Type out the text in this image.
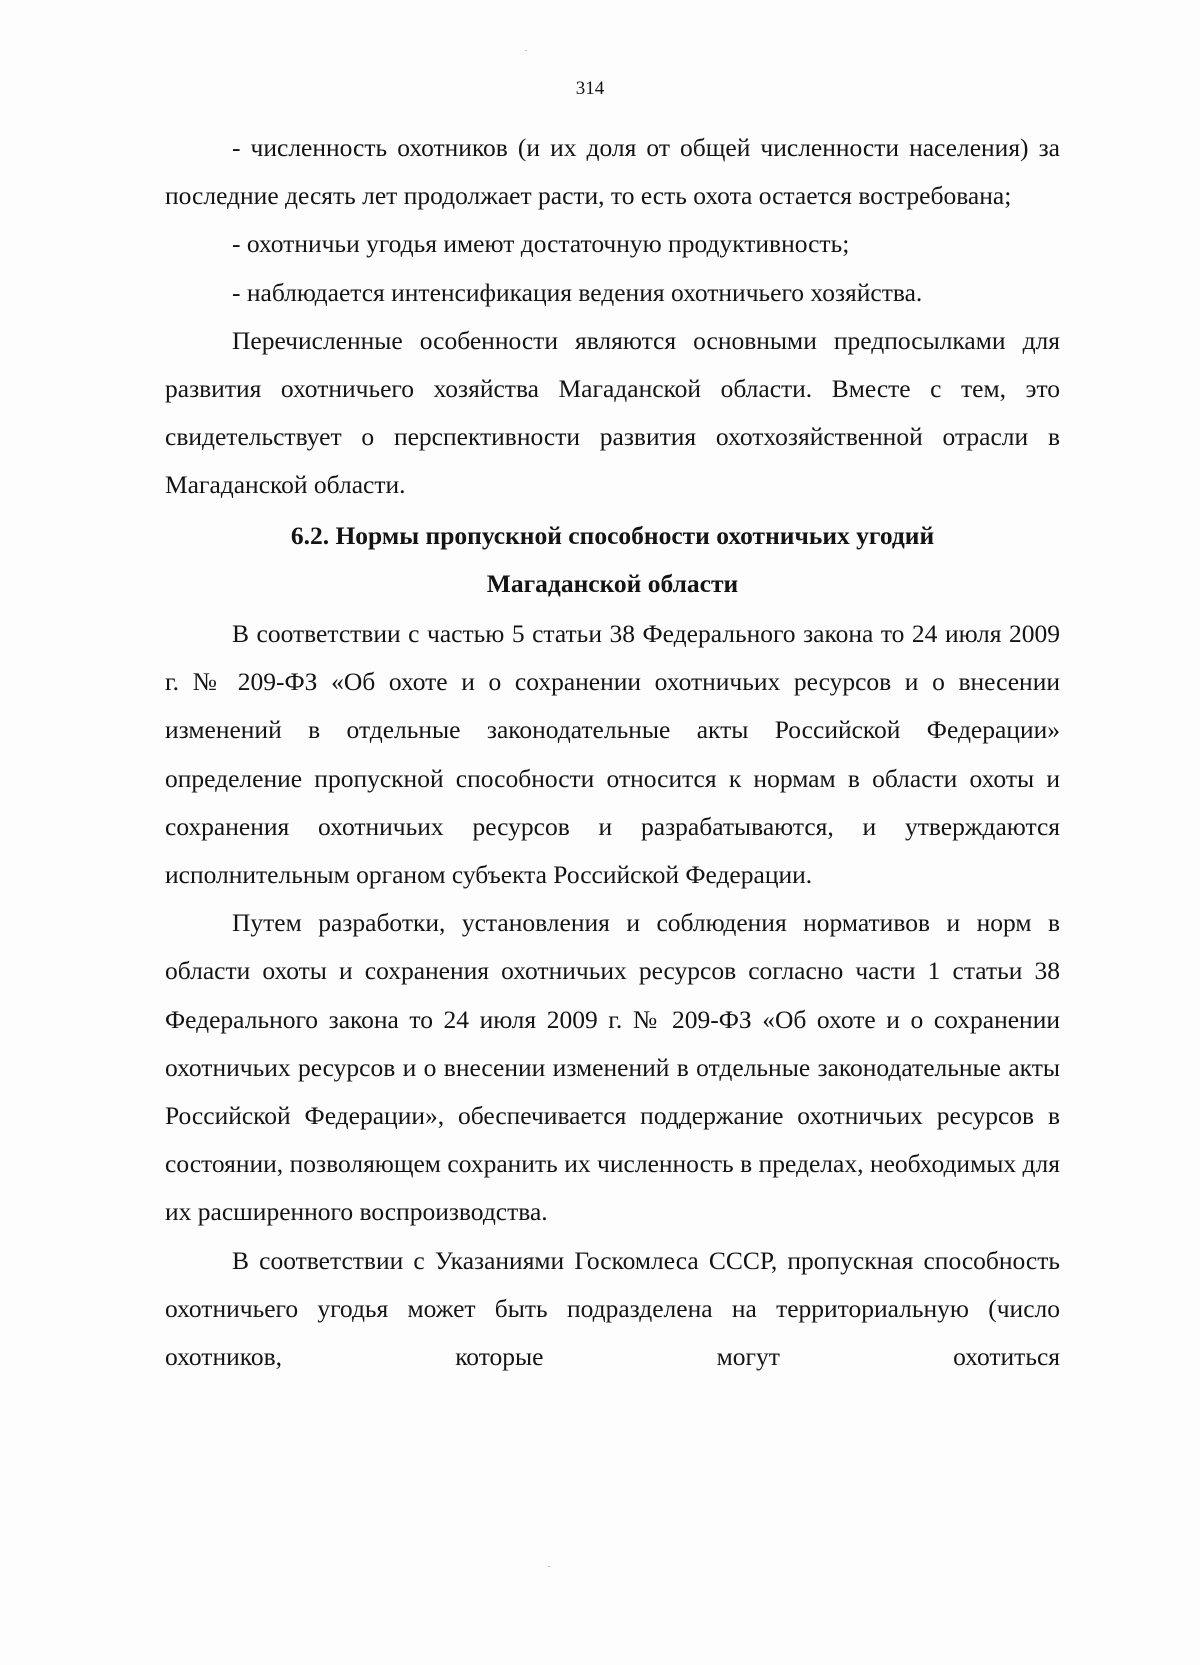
314

- численность охотников (и их доля от общей численности населения) за последние десять лет продолжает расти, то есть охота остается востребована;

- охотничьи угодья имеют достаточную продуктивность;

- наблюдается интенсификация ведения охотничьего хозяйства.

Перечисленные особенности являются основными предпосылками для развития охотничьего хозяйства Магаданской области. Вместе с тем, это свидетельствует о перспективности развития охотхозяйственной отрасли в Магаданской области.

6.2. Нормы пропускной способности охотничьих угодий

Магаданской области

В соответствии с частью 5 статьи 38 Федерального закона то 24 июля 2009 г. № 209-ФЗ «Об охоте и о сохранении охотничьих ресурсов и о внесении изменений в отдельные законодательные акты Российской Федерации» определение пропускной способности относится к нормам в области охоты и сохранения охотничьих ресурсов и разрабатываются, и утверждаются исполнительным органом субъекта Российской Федерации.

Путем разработки, установления и соблюдения нормативов и норм в области охоты и сохранения охотничьих ресурсов согласно части 1 статьи 38 Федерального закона то 24 июля 2009 г. № 209-ФЗ «Об охоте и о сохранении охотничьих ресурсов и о внесении изменений в отдельные законодательные акты Российской Федерации», обеспечивается поддержание охотничьих ресурсов в состоянии, позволяющем сохранить их численность в пределах, необходимых для их расширенного воспроизводства.

В соответствии с Указаниями Госкомлеса СССР, пропускная способность охотничьего угодья может быть подразделена на территориальную (число охотников, которые могут охотиться
